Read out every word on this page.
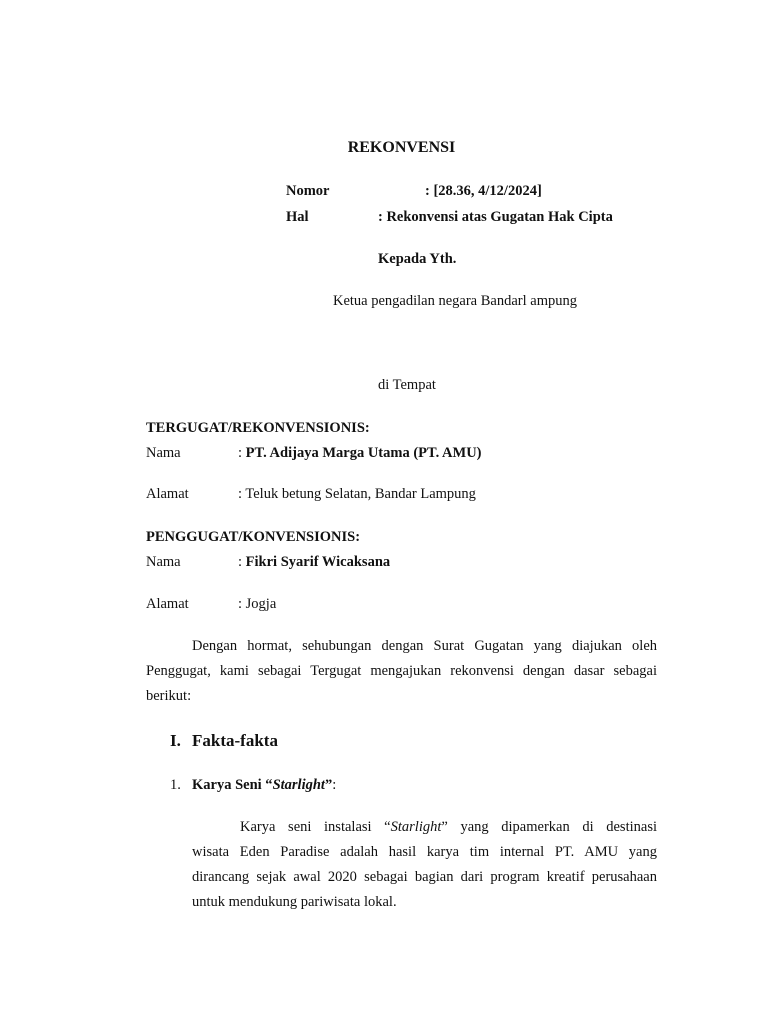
REKONVENSI
Nomor	: [28.36, 4/12/2024]
Hal	: Rekonvensi atas Gugatan Hak Cipta
Kepada Yth.
Ketua pengadilan negara Bandarl ampung
di Tempat
TERGUGAT/REKONVENSIONIS:
Nama	: PT. Adijaya Marga Utama (PT. AMU)
Alamat	: Teluk betung Selatan, Bandar Lampung
PENGGUGAT/KONVENSIONIS:
Nama	: Fikri Syarif Wicaksana
Alamat	: Jogja
Dengan hormat, sehubungan dengan Surat Gugatan yang diajukan oleh
Penggugat, kami sebagai Tergugat mengajukan rekonvensi dengan dasar sebagai
berikut:
I. Fakta-fakta
1. Karya Seni “Starlight”:
Karya seni instalasi “Starlight” yang dipamerkan di destinasi
wisata Eden Paradise adalah hasil karya tim internal PT. AMU yang
dirancang sejak awal 2020 sebagai bagian dari program kreatif perusahaan
untuk mendukung pariwisata lokal.
